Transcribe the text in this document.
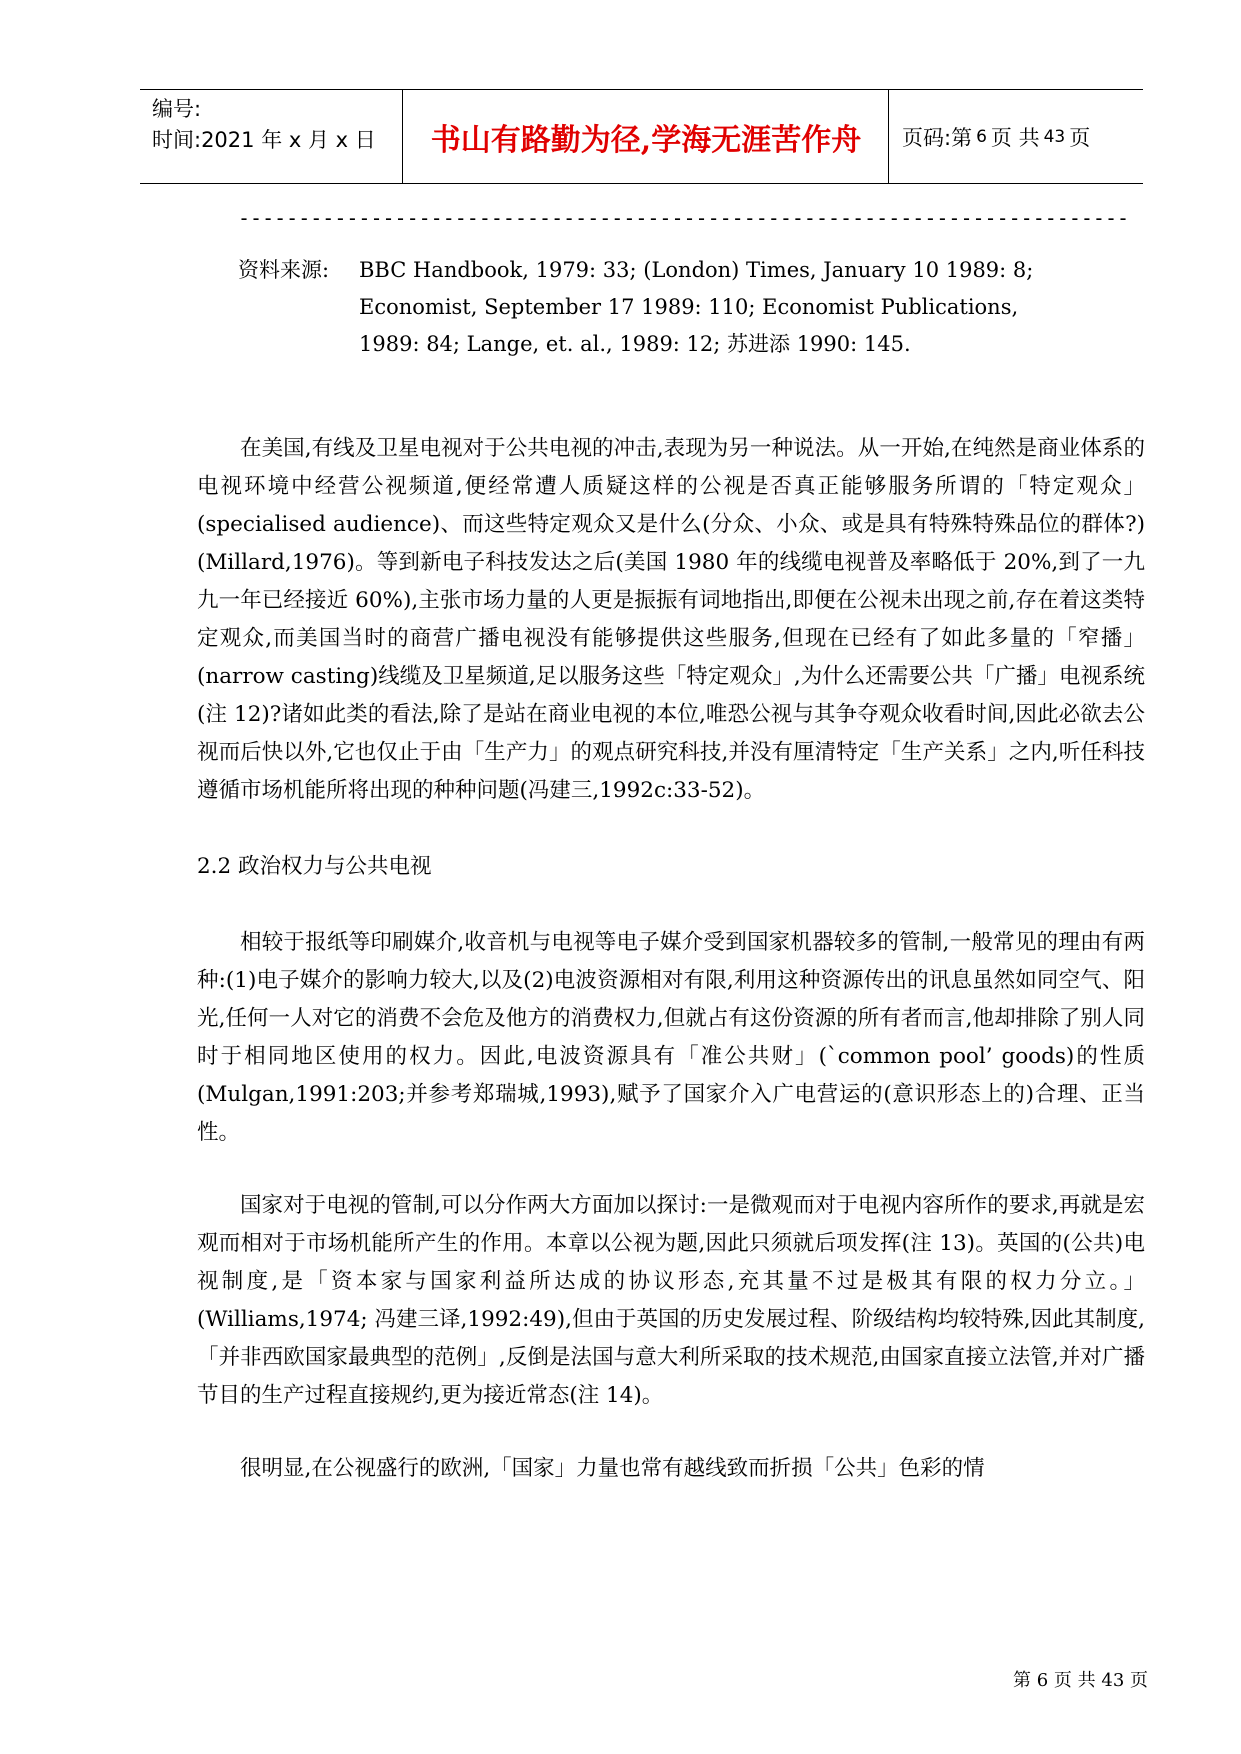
编号:
时间:2021 年 x 月 x 日	书山有路勤为径,学海无涯苦作舟	页码:第 6 页 共 43 页
--------------------------------------------------------------------------
资料来源: BBC Handbook, 1979: 33; (London) Times, January 10 1989: 8;
Economist, September 17 1989: 110; Economist Publications,
1989: 84; Lange, et. al., 1989: 12; 苏进添 1990: 145.

在美国,有线及卫星电视对于公共电视的冲击,表现为另一种说法。从一开始,在纯然是商业体系的电视环境中经营公视频道,便经常遭人质疑这样的公视是否真正能够服务所谓的「特定观众」(specialised audience)、而这些特定观众又是什么(分众、小众、或是具有特殊特殊品位的群体?)(Millard,1976)。等到新电子科技发达之后(美国 1980 年的线缆电视普及率略低于 20%,到了一九九一年已经接近 60%),主张市场力量的人更是振振有词地指出,即便在公视未出现之前,存在着这类特定观众,而美国当时的商营广播电视没有能够提供这些服务,但现在已经有了如此多量的「窄播」(narrow casting)线缆及卫星频道,足以服务这些「特定观众」,为什么还需要公共「广播」电视系统(注 12)?诸如此类的看法,除了是站在商业电视的本位,唯恐公视与其争夺观众收看时间,因此必欲去公视而后快以外,它也仅止于由「生产力」的观点研究科技,并没有厘清特定「生产关系」之内,听任科技遵循市场机能所将出现的种种问题(冯建三,1992c:33-52)。

2.2 政治权力与公共电视

相较于报纸等印刷媒介,收音机与电视等电子媒介受到国家机器较多的管制,一般常见的理由有两种:(1)电子媒介的影响力较大,以及(2)电波资源相对有限,利用这种资源传出的讯息虽然如同空气、阳光,任何一人对它的消费不会危及他方的消费权力,但就占有这份资源的所有者而言,他却排除了别人同时于相同地区使用的权力。因此,电波资源具有「准公共财」(`common pool’ goods)的性质(Mulgan,1991:203;并参考郑瑞城,1993),赋予了国家介入广电营运的(意识形态上的)合理、正当性。

国家对于电视的管制,可以分作两大方面加以探讨:一是微观而对于电视内容所作的要求,再就是宏观而相对于市场机能所产生的作用。本章以公视为题,因此只须就后项发挥(注 13)。英国的(公共)电视制度,是「资本家与国家利益所达成的协议形态,充其量不过是极其有限的权力分立。」(Williams,1974; 冯建三译,1992:49),但由于英国的历史发展过程、阶级结构均较特殊,因此其制度,「并非西欧国家最典型的范例」,反倒是法国与意大利所采取的技术规范,由国家直接立法管,并对广播节目的生产过程直接规约,更为接近常态(注 14)。

很明显,在公视盛行的欧洲,「国家」力量也常有越线致而折损「公共」色彩的情

第 6 页 共 43 页
